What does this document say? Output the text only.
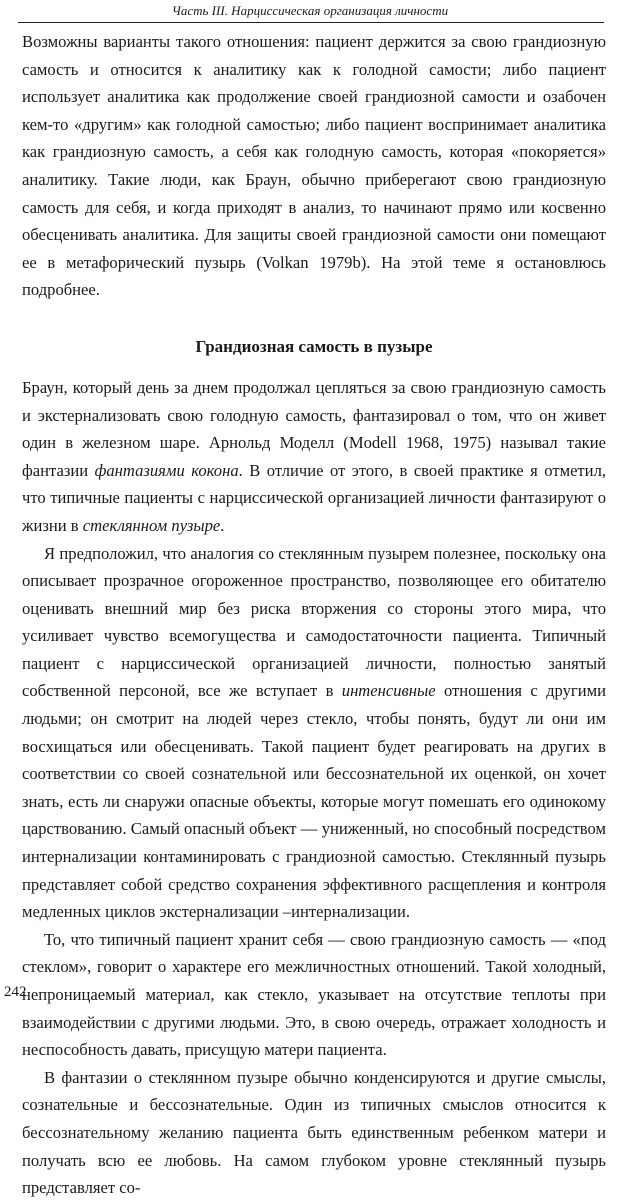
Часть III. Нарциссическая организация личности

Возможны варианты такого отношения: пациент держится за свою грандиозную самость и относится к аналитику как к голодной самости; либо пациент использует аналитика как продолжение своей грандиозной самости и озабочен кем-то «другим» как голодной самостью; либо пациент воспринимает аналитика как грандиозную самость, а себя как голодную самость, которая «покоряется» аналитику. Такие люди, как Браун, обычно приберегают свою грандиозную самость для себя, и когда приходят в анализ, то начинают прямо или косвенно обесценивать аналитика. Для защиты своей грандиозной самости они помещают ее в метафорический пузырь (Volkan 1979b). На этой теме я остановлюсь подробнее.

Грандиозная самость в пузыре

Браун, который день за днем продолжал цепляться за свою грандиозную самость и экстернализовать свою голодную самость, фантазировал о том, что он живет один в железном шаре. Арнольд Моделл (Modell 1968, 1975) называл такие фантазии фантазиями кокона. В отличие от этого, в своей практике я отметил, что типичные пациенты с нарциссической организацией личности фантазируют о жизни в стеклянном пузыре.

Я предположил, что аналогия со стеклянным пузырем полезнее, поскольку она описывает прозрачное огороженное пространство, позволяющее его обитателю оценивать внешний мир без риска вторжения со стороны этого мира, что усиливает чувство всемогущества и самодостаточности пациента. Типичный пациент с нарциссической организацией личности, полностью занятый собственной персоной, все же вступает в интенсивные отношения с другими людьми; он смотрит на людей через стекло, чтобы понять, будут ли они им восхищаться или обесценивать. Такой пациент будет реагировать на других в соответствии со своей сознательной или бессознательной их оценкой, он хочет знать, есть ли снаружи опасные объекты, которые могут помешать его одинокому царствованию. Самый опасный объект — униженный, но способный посредством интернализации контаминировать с грандиозной самостью. Стеклянный пузырь представляет собой средство сохранения эффективного расщепления и контроля медленных циклов экстернализации –интернализации.

То, что типичный пациент хранит себя — свою грандиозную самость — «под стеклом», говорит о характере его межличностных отношений. Такой холодный, непроницаемый материал, как стекло, указывает на отсутствие теплоты при взаимодействии с другими людьми. Это, в свою очередь, отражает холодность и неспособность давать, присущую матери пациента.

В фантазии о стеклянном пузыре обычно конденсируются и другие смыслы, сознательные и бессознательные. Один из типичных смыслов относится к бессознательному желанию пациента быть единственным ребенком матери и получать всю ее любовь. На самом глубоком уровне стеклянный пузырь представляет со-

242
